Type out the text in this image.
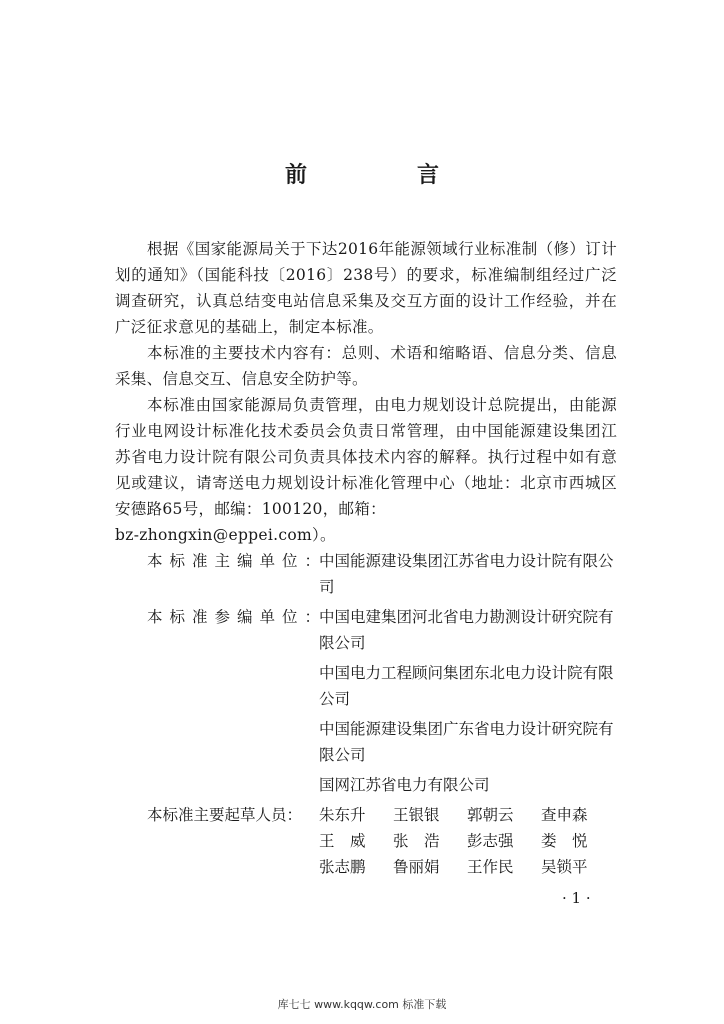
前　言

根据《国家能源局关于下达2016年能源领域行业标准制（修）订计划的通知》（国能科技〔2016〕238号）的要求，标准编制组经过广泛调查研究，认真总结变电站信息采集及交互方面的设计工作经验，并在广泛征求意见的基础上，制定本标准。

本标准的主要技术内容有：总则、术语和缩略语、信息分类、信息采集、信息交互、信息安全防护等。

本标准由国家能源局负责管理，由电力规划设计总院提出，由能源行业电网设计标准化技术委员会负责日常管理，由中国能源建设集团江苏省电力设计院有限公司负责具体技术内容的解释。执行过程中如有意见或建议，请寄送电力规划设计标准化管理中心（地址：北京市西城区安德路65号，邮编：100120，邮箱：

bz-zhongxin@eppei.com）。

本标准主编单位：
中国能源建设集团江苏省电力设计院有限公司
本标准参编单位：
中国电建集团河北省电力勘测设计研究院有限公司
中国电力工程顾问集团东北电力设计院有限公司
中国能源建设集团广东省电力设计研究院有限公司
国网江苏省电力有限公司
本标准主要起草人员：	朱东升	王银银	郭朝云	查申森
王　威	张　浩	彭志强	娄　悦
张志鹏	鲁丽娟	王作民	吴锁平
· 1 ·
库七七 www.kqqw.com 标准下载
